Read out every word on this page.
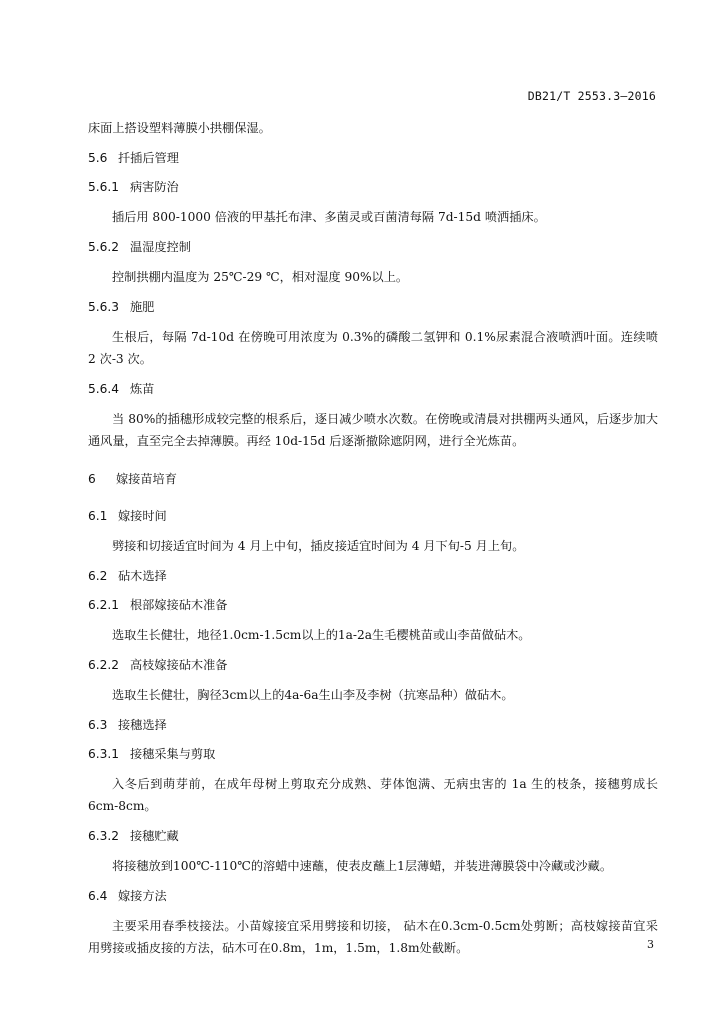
DB21/T 2553.3—2016

床面上搭设塑料薄膜小拱棚保湿。

5.6 扦插后管理

5.6.1 病害防治

插后用 800-1000 倍液的甲基托布津、多菌灵或百菌清每隔 7d-15d 喷洒插床。

5.6.2 温湿度控制

控制拱棚内温度为 25℃-29 ℃，相对湿度 90%以上。

5.6.3 施肥

生根后，每隔 7d-10d 在傍晚可用浓度为 0.3%的磷酸二氢钾和 0.1%尿素混合液喷洒叶面。连续喷 2 次-3 次。

5.6.4 炼苗

当 80%的插穗形成较完整的根系后，逐日减少喷水次数。在傍晚或清晨对拱棚两头通风，后逐步加大通风量，直至完全去掉薄膜。再经 10d-15d 后逐渐撤除遮阴网，进行全光炼苗。

6 嫁接苗培育

6.1 嫁接时间

劈接和切接适宜时间为 4 月上中旬，插皮接适宜时间为 4 月下旬-5 月上旬。

6.2 砧木选择

6.2.1 根部嫁接砧木准备

选取生长健壮，地径1.0cm-1.5cm以上的1a-2a生毛樱桃苗或山李苗做砧木。

6.2.2 高枝嫁接砧木准备

选取生长健壮，胸径3cm以上的4a-6a生山李及李树（抗寒品种）做砧木。

6.3 接穗选择

6.3.1 接穗采集与剪取

入冬后到萌芽前，在成年母树上剪取充分成熟、芽体饱满、无病虫害的 1a 生的枝条，接穗剪成长 6cm-8cm。

6.3.2 接穗贮藏

将接穗放到100℃-110℃的溶蜡中速蘸，使表皮蘸上1层薄蜡，并装进薄膜袋中冷藏或沙藏。

6.4 嫁接方法

主要采用春季枝接法。小苗嫁接宜采用劈接和切接， 砧木在0.3cm-0.5cm处剪断；高枝嫁接苗宜采用劈接或插皮接的方法，砧木可在0.8m，1m，1.5m，1.8m处截断。	3
